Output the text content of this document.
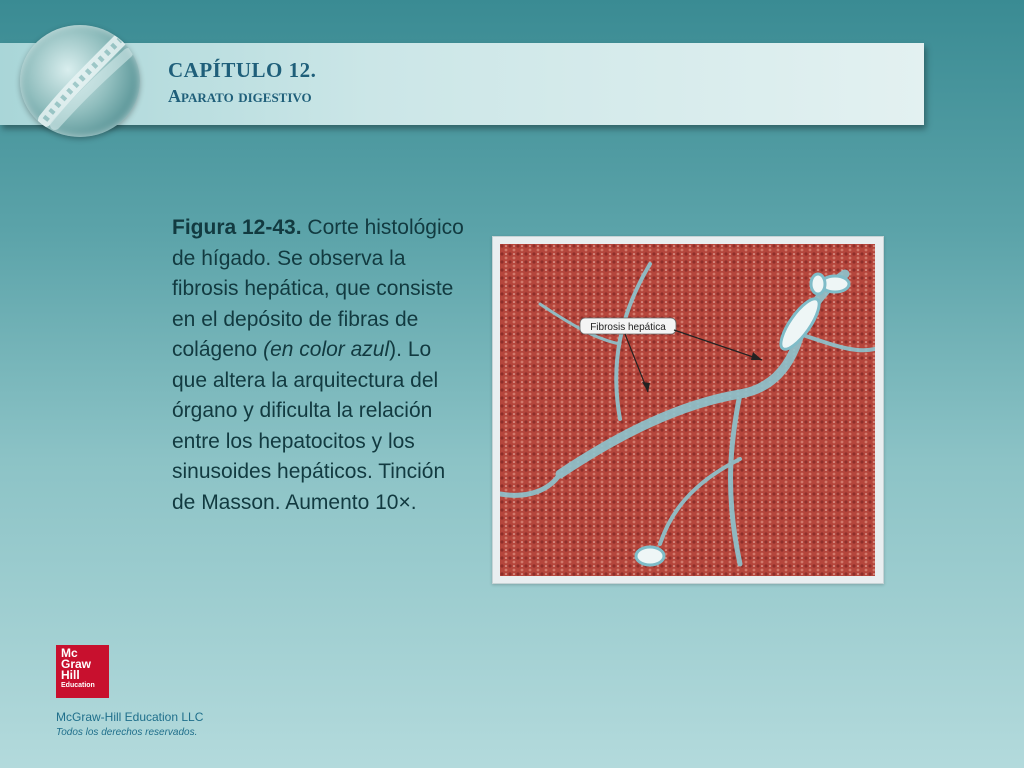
CAPÍTULO 12.
Aparato digestivo

Figura 12-43. Corte histológico de hígado. Se observa la fibrosis hepática, que consiste en el depósito de fibras de colágeno (en color azul). Lo que altera la arquitectura del órgano y dificulta la relación entre los hepatocitos y los sinusoides hepáticos. Tinción de Masson. Aumento 10×.

Fibrosis hepática
Mc
Graw
Hill
Education

McGraw-Hill Education LLC

Todos los derechos reservados.
